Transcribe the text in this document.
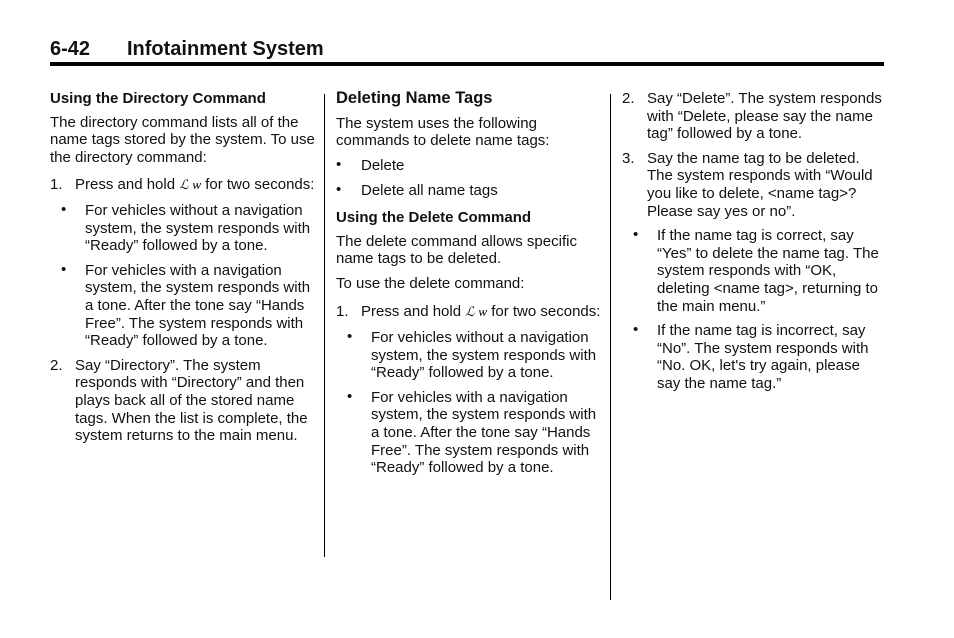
6-42 Infotainment System

Using the Directory Command

The directory command lists all of the name tags stored by the system. To use the directory command:

1. Press and hold ℒ ѡ for two seconds:
• For vehicles without a navigation system, the system responds with “Ready” followed by a tone.
• For vehicles with a navigation system, the system responds with a tone. After the tone say “Hands Free”. The system responds with “Ready” followed by a tone.
2. Say “Directory”. The system responds with “Directory” and then plays back all of the stored name tags. When the list is complete, the system returns to the main menu.

Deleting Name Tags

The system uses the following commands to delete name tags:

• Delete
• Delete all name tags

Using the Delete Command

The delete command allows specific name tags to be deleted.

To use the delete command:

1. Press and hold ℒ ѡ for two seconds:
• For vehicles without a navigation system, the system responds with “Ready” followed by a tone.
• For vehicles with a navigation system, the system responds with a tone. After the tone say “Hands Free”. The system responds with “Ready” followed by a tone.
2. Say “Delete”. The system responds with “Delete, please say the name tag” followed by a tone.
3. Say the name tag to be deleted. The system responds with “Would you like to delete, <name tag>? Please say yes or no”.
• If the name tag is correct, say “Yes” to delete the name tag. The system responds with “OK, deleting <name tag>, returning to the main menu.”
• If the name tag is incorrect, say “No”. The system responds with “No. OK, let's try again, please say the name tag.”
